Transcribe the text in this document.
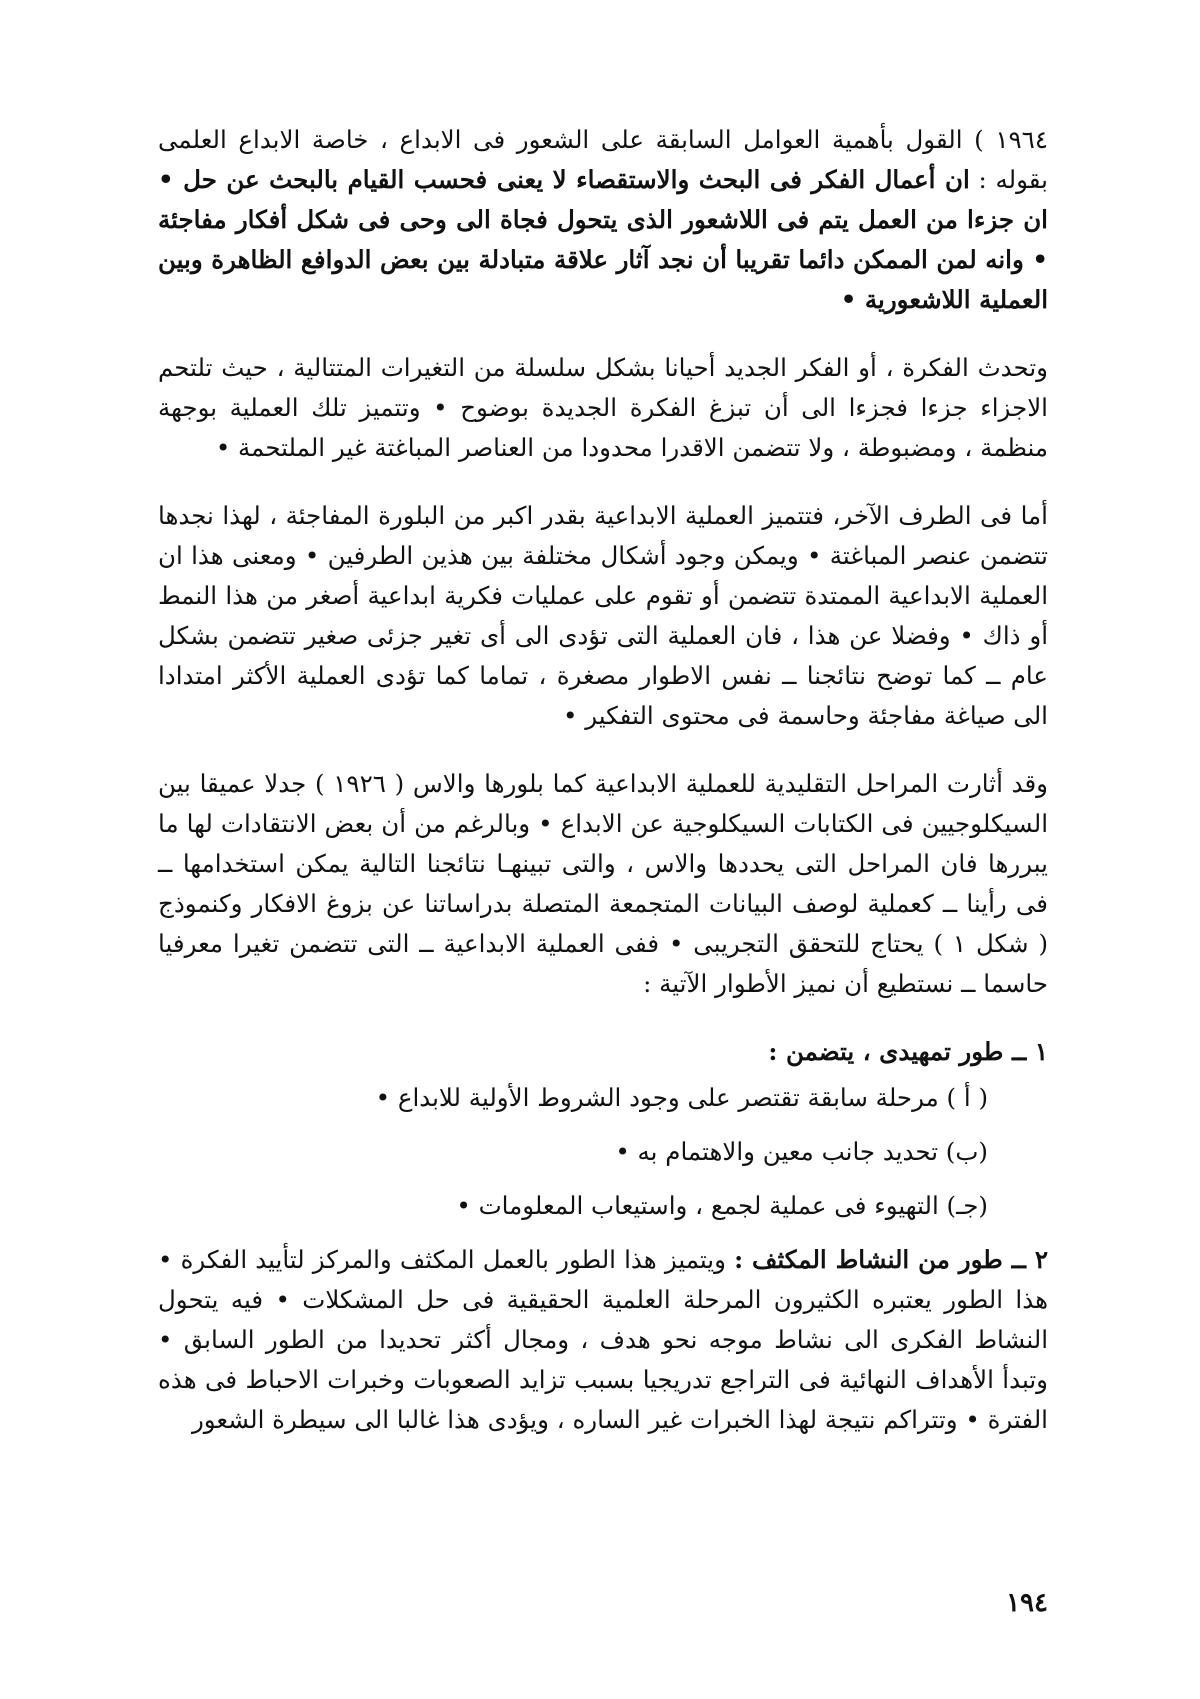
١٩٦٤ ) القول بأهمية العوامل السابقة على الشعور فى الابداع ، خاصة الابداع العلمى بقوله : ان أعمال الفكر فى البحث والاستقصاء لا يعنى فحسب القيام بالبحث عن حل • ان جزءا من العمل يتم فى اللاشعور الذى يتحول فجاة الى وحى فى شكل أفكار مفاجئة • وانه لمن الممكن دائما تقريبا أن نجد آثار علاقة متبادلة بين بعض الدوافع الظاهرة وبين العملية اللاشعورية •

وتحدث الفكرة ، أو الفكر الجديد أحيانا بشكل سلسلة من التغيرات المتتالية ، حيث تلتحم الاجزاء جزءا فجزءا الى أن تبزغ الفكرة الجديدة بوضوح • وتتميز تلك العملية بوجهة منظمة ، ومضبوطة ، ولا تتضمن الاقدرا محدودا من العناصر المباغتة غير الملتحمة •

أما فى الطرف الآخر، فتتميز العملية الابداعية بقدر اكبر من البلورة المفاجئة ، لهذا نجدها تتضمن عنصر المباغتة • ويمكن وجود أشكال مختلفة بين هذين الطرفين • ومعنى هذا ان العملية الابداعية الممتدة تتضمن أو تقوم على عمليات فكرية ابداعية أصغر من هذا النمط أو ذاك • وفضلا عن هذا ، فان العملية التى تؤدى الى أى تغير جزئى صغير تتضمن بشكل عام ــ كما توضح نتائجنا ــ نفس الاطوار مصغرة ، تماما كما تؤدى العملية الأكثر امتدادا الى صياغة مفاجئة وحاسمة فى محتوى التفكير •

وقد أثارت المراحل التقليدية للعملية الابداعية كما بلورها والاس ( ١٩٢٦ ) جدلا عميقا بين السيكلوجيين فى الكتابات السيكلوجية عن الابداع • وبالرغم من أن بعض الانتقادات لها ما يبررها فان المراحل التى يحددها والاس ، والتى تبينهـا نتائجنا التالية يمكن استخدامها ــ فى رأينا ــ كعملية لوصف البيانات المتجمعة المتصلة بدراساتنا عن بزوغ الافكار وكنموذج ( شكل ١ ) يحتاج للتحقق التجريبى • ففى العملية الابداعية ــ التى تتضمن تغيرا معرفيا حاسما ــ نستطيع أن نميز الأطوار الآتية :

١ ــ طور تمهيدى ، يتضمن :
( أ ) مرحلة سابقة تقتصر على وجود الشروط الأولية للابداع •
(ب) تحديد جانب معين والاهتمام به •
(جـ) التهيوء فى عملية لجمع ، واستيعاب المعلومات •

٢ ــ طور من النشاط المكثف : ويتميز هذا الطور بالعمل المكثف والمركز لتأييد الفكرة • هذا الطور يعتبره الكثيرون المرحلة العلمية الحقيقية فى حل المشكلات • فيه يتحول النشاط الفكرى الى نشاط موجه نحو هدف ، ومجال أكثر تحديدا من الطور السابق • وتبدأ الأهداف النهائية فى التراجع تدريجيا بسبب تزايد الصعوبات وخبرات الاحباط فى هذه الفترة • وتتراكم نتيجة لهذا الخبرات غير الساره ، ويؤدى هذا غالبا الى سيطرة الشعور

١٩٤
